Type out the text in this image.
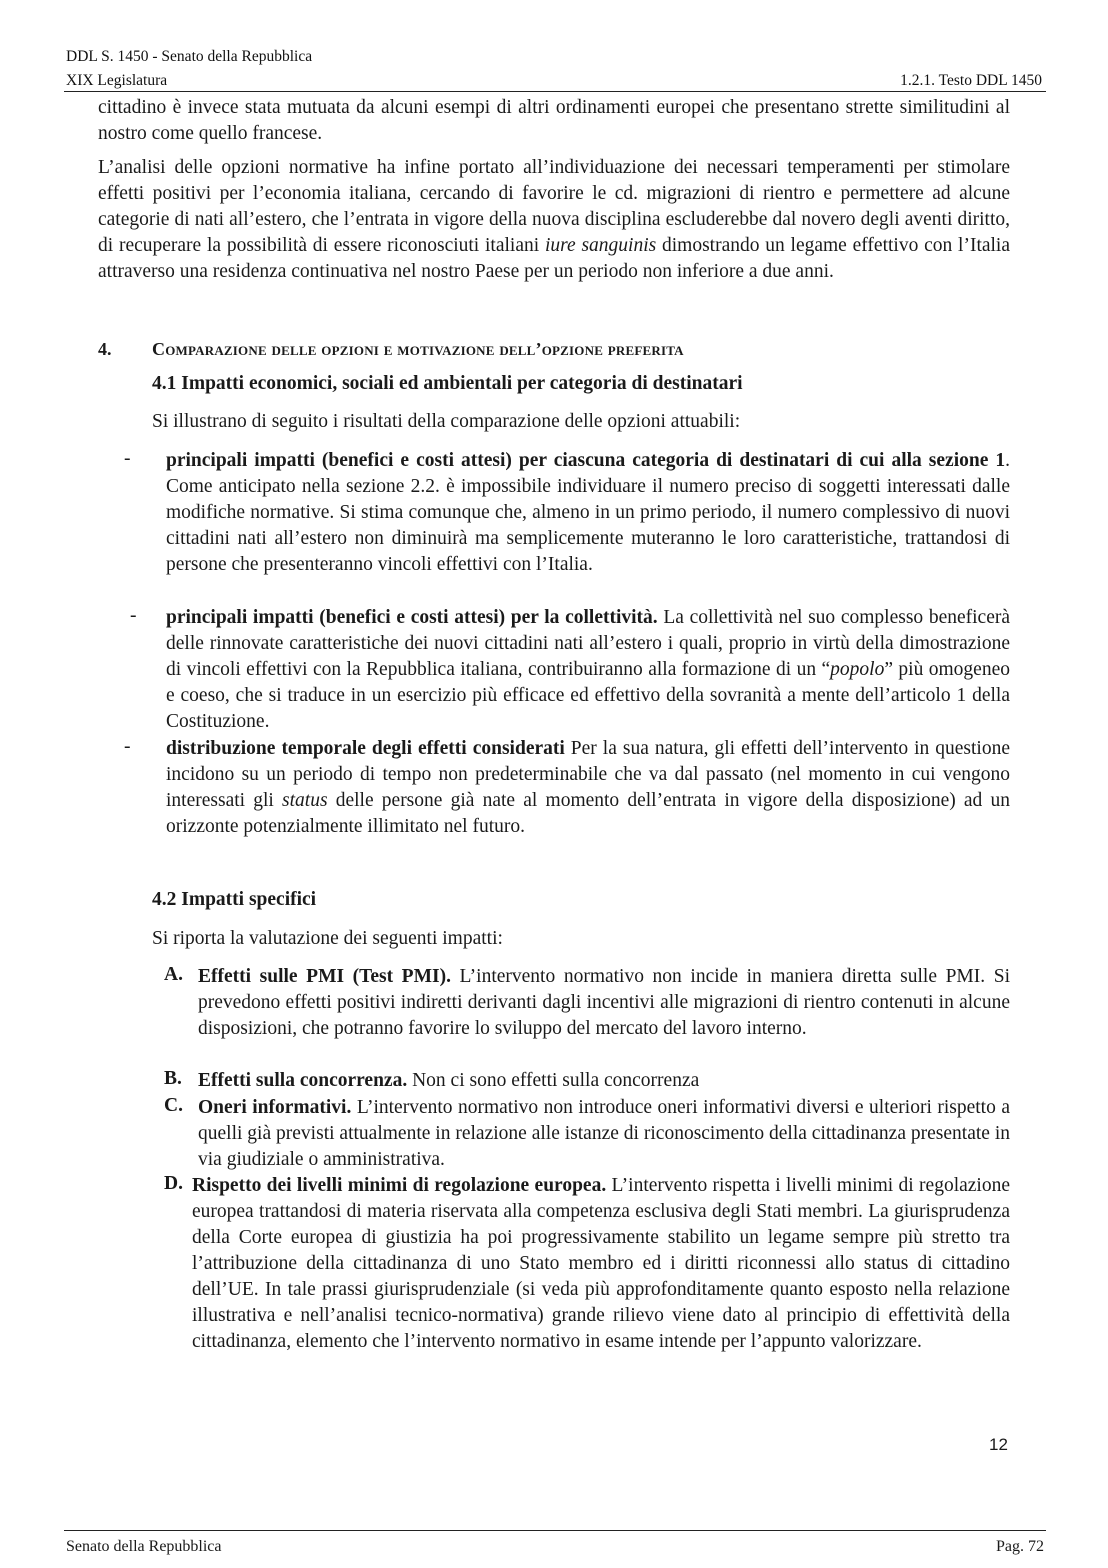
DDL S. 1450 - Senato della Repubblica
XIX Legislatura	1.2.1. Testo DDL 1450

cittadino è invece stata mutuata da alcuni esempi di altri ordinamenti europei che presentano strette similitudini al nostro come quello francese.

L’analisi delle opzioni normative ha infine portato all’individuazione dei necessari temperamenti per stimolare effetti positivi per l’economia italiana, cercando di favorire le cd. migrazioni di rientro e permettere ad alcune categorie di nati all’estero, che l’entrata in vigore della nuova disciplina escluderebbe dal novero degli aventi diritto, di recuperare la possibilità di essere riconosciuti italiani iure sanguinis dimostrando un legame effettivo con l’Italia attraverso una residenza continuativa nel nostro Paese per un periodo non inferiore a due anni.

4. Comparazione delle opzioni e motivazione dell’opzione preferita
4.1 Impatti economici, sociali ed ambientali per categoria di destinatari

Si illustrano di seguito i risultati della comparazione delle opzioni attuabili:

- principali impatti (benefici e costi attesi) per ciascuna categoria di destinatari di cui alla sezione 1. Come anticipato nella sezione 2.2. è impossibile individuare il numero preciso di soggetti interessati dalle modifiche normative. Si stima comunque che, almeno in un primo periodo, il numero complessivo di nuovi cittadini nati all’estero non diminuirà ma semplicemente muteranno le loro caratteristiche, trattandosi di persone che presenteranno vincoli effettivi con l’Italia.

- principali impatti (benefici e costi attesi) per la collettività. La collettività nel suo complesso beneficerà delle rinnovate caratteristiche dei nuovi cittadini nati all’estero i quali, proprio in virtù della dimostrazione di vincoli effettivi con la Repubblica italiana, contribuiranno alla formazione di un “popolo” più omogeneo e coeso, che si traduce in un esercizio più efficace ed effettivo della sovranità a mente dell’articolo 1 della Costituzione.

- distribuzione temporale degli effetti considerati Per la sua natura, gli effetti dell’intervento in questione incidono su un periodo di tempo non predeterminabile che va dal passato (nel momento in cui vengono interessati gli status delle persone già nate al momento dell’entrata in vigore della disposizione) ad un orizzonte potenzialmente illimitato nel futuro.

4.2 Impatti specifici

Si riporta la valutazione dei seguenti impatti:

A. Effetti sulle PMI (Test PMI). L’intervento normativo non incide in maniera diretta sulle PMI. Si prevedono effetti positivi indiretti derivanti dagli incentivi alle migrazioni di rientro contenuti in alcune disposizioni, che potranno favorire lo sviluppo del mercato del lavoro interno.

B. Effetti sulla concorrenza. Non ci sono effetti sulla concorrenza

C. Oneri informativi. L’intervento normativo non introduce oneri informativi diversi e ulteriori rispetto a quelli già previsti attualmente in relazione alle istanze di riconoscimento della cittadinanza presentate in via giudiziale o amministrativa.

D. Rispetto dei livelli minimi di regolazione europea. L’intervento rispetta i livelli minimi di regolazione europea trattandosi di materia riservata alla competenza esclusiva degli Stati membri. La giurisprudenza della Corte europea di giustizia ha poi progressivamente stabilito un legame sempre più stretto tra l’attribuzione della cittadinanza di uno Stato membro ed i diritti riconnessi allo status di cittadino dell’UE. In tale prassi giurisprudenziale (si veda più approfonditamente quanto esposto nella relazione illustrativa e nell’analisi tecnico-normativa) grande rilievo viene dato al principio di effettività della cittadinanza, elemento che l’intervento normativo in esame intende per l’appunto valorizzare.

12
Senato della Repubblica	Pag. 72
